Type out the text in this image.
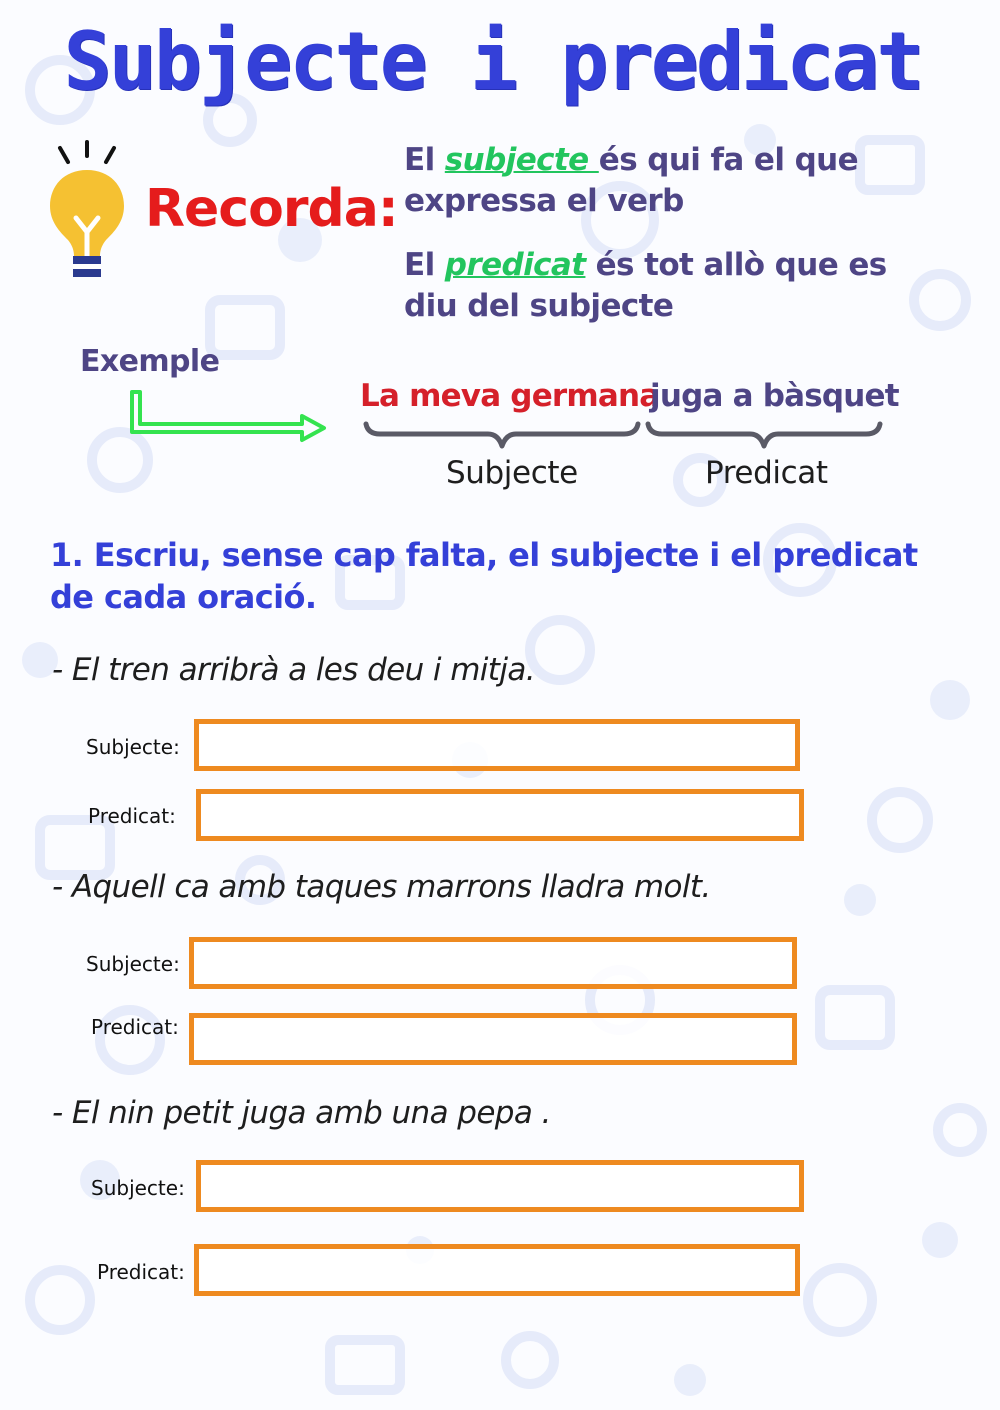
Subjecte i predicat
Recorda:
El subjecte és qui fa el que expressa el verb
El predicat és tot allò que es diu del subjecte
Exemple
La meva germana
juga a bàsquet
Subjecte	Predicat
1. Escriu, sense cap falta, el subjecte i el predicat de cada oració.
- El tren arribrà a les deu i mitja.
Subjecte:
Predicat:
- Aquell ca amb taques marrons lladra molt.
Subjecte:
Predicat:
- El nin petit juga amb una pepa .
Subjecte:
Predicat:
